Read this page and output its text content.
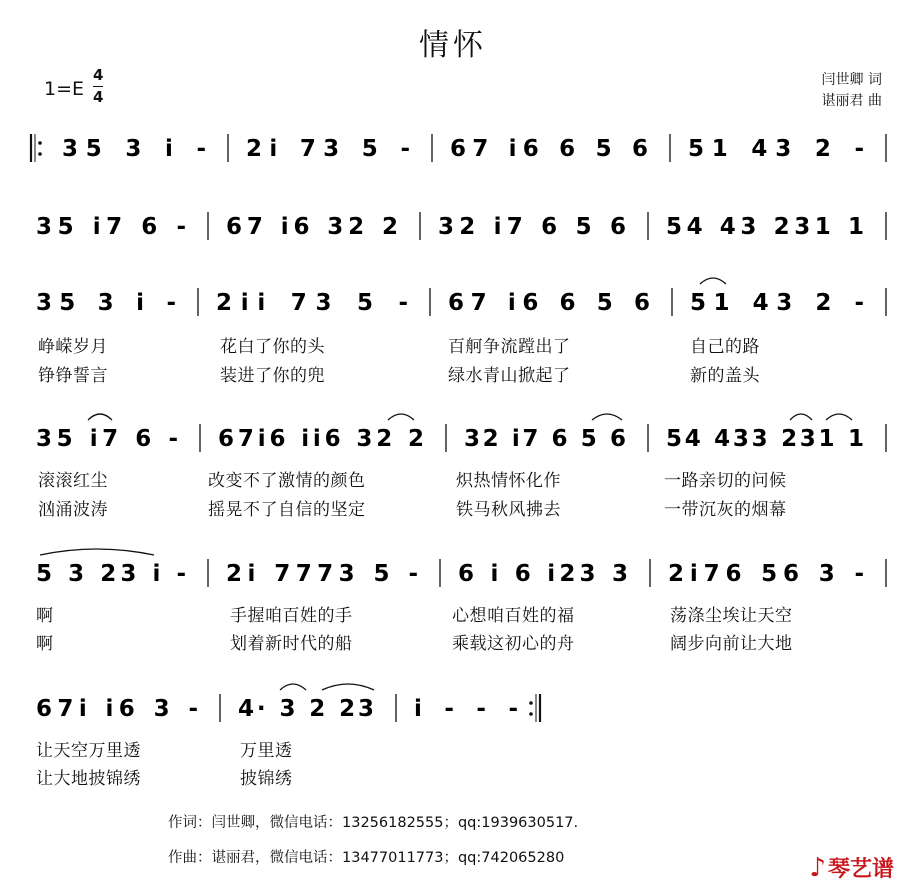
情怀
1=E
4
4
闫世卿 词
谌丽君 曲
35 3 i - 2i 73 5 - 67 i6 6 5 6 51 43 2 -
35 i7 6 - 67 i6 32 2 32 i7 6 5 6 54 43 231 1
35 3 i - 2ii 73 5 - 67 i6 6 5 6 51 43 2 -
峥嵘岁月	花白了你的头	百舸争流蹚出了	自己的路
铮铮誓言	装进了你的兜	绿水青山掀起了	新的盖头
35 i7 6 - 67i6 ii6 32 2 32 i7 6 5 6 54 433 231 1
滚滚红尘	改变不了激情的颜色	炽热情怀化作	一路亲切的问候
汹涌波涛	摇晃不了自信的坚定	铁马秋风拂去	一带沉灰的烟幕
5 3 23 i - 2i 7773 5 - 6 i 6 i23 3 2i76 56 3 -
啊	手握咱百姓的手	心想咱百姓的福	荡涤尘埃让天空
啊	划着新时代的船	乘载这初心的舟	阔步向前让大地
67i i6 3 - 4· 3 2 23 i - - -
让天空万里透	万里透
让大地披锦绣	披锦绣
作词：闫世卿，微信电话：13256182555；qq:1939630517.
作曲：谌丽君，微信电话：13477011773；qq:742065280	♪琴艺谱
